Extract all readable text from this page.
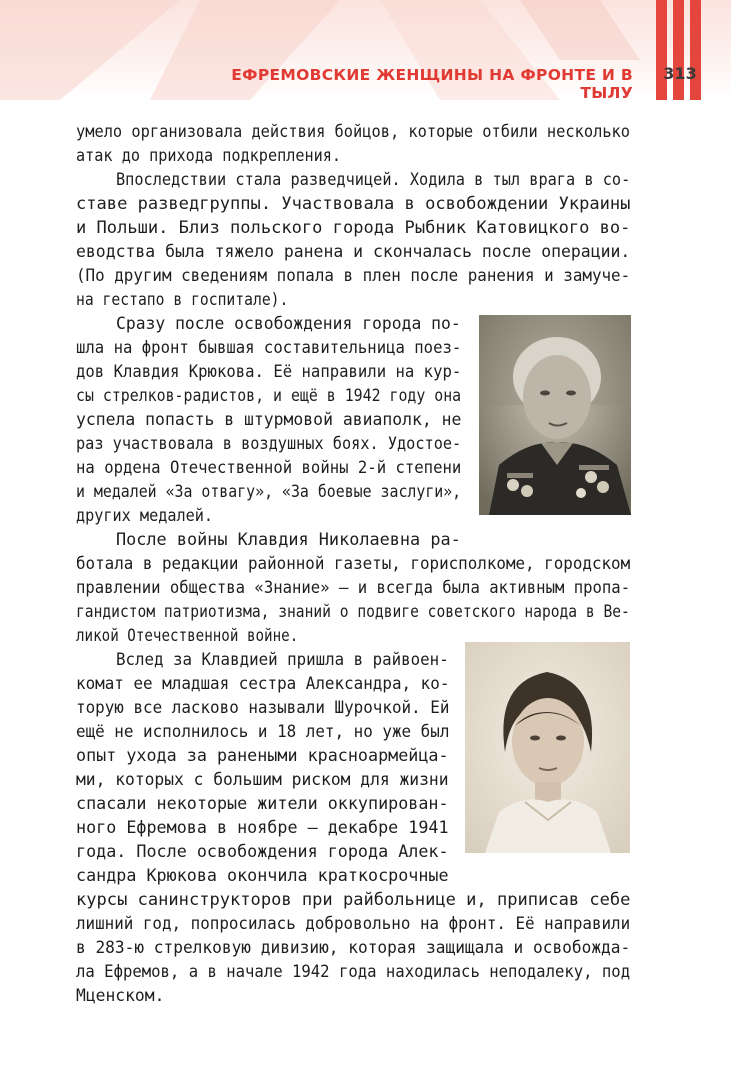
ЕФРЕМОВСКИЕ ЖЕНЩИНЫ НА ФРОНТЕ И В ТЫЛУ
313
умело организовала действия бойцов, которые отбили несколько
атак до прихода подкрепления.
Впоследствии стала разведчицей. Ходила в тыл врага в со-
ставе разведгруппы. Участвовала в освобождении Украины
и Польши. Близ польского города Рыбник Катовицкого во-
еводства была тяжело ранена и скончалась после операции.
(По другим сведениям попала в плен после ранения и замуче-
на гестапо в госпитале).
Сразу после освобождения города по-
шла на фронт бывшая составительница поез-
дов Клавдия Крюкова. Её направили на кур-
сы стрелков-радистов, и ещё в 1942 году она
успела попасть в штурмовой авиаполк, не
раз участвовала в воздушных боях. Удостое-
на ордена Отечественной войны 2-й степени
и медалей «За отвагу», «За боевые заслуги»,
других медалей.
После войны Клавдия Николаевна ра-
ботала в редакции районной газеты, горисполкоме, городском
правлении общества «Знание» — и всегда была активным пропа-
гандистом патриотизма, знаний о подвиге советского народа в Ве-
ликой Отечественной войне.
Вслед за Клавдией пришла в райвоен-
комат ее младшая сестра Александра, ко-
торую все ласково называли Шурочкой. Ей
ещё не исполнилось и 18 лет, но уже был
опыт ухода за ранеными красноармейца-
ми, которых с большим риском для жизни
спасали некоторые жители оккупирован-
ного Ефремова в ноябре — декабре 1941
года. После освобождения города Алек-
сандра Крюкова окончила краткосрочные
курсы санинструкторов при райбольнице и, приписав себе
лишний год, попросилась добровольно на фронт. Её направили
в 283-ю стрелковую дивизию, которая защищала и освобожда-
ла Ефремов, а в начале 1942 года находилась неподалеку, под
Мценском.
